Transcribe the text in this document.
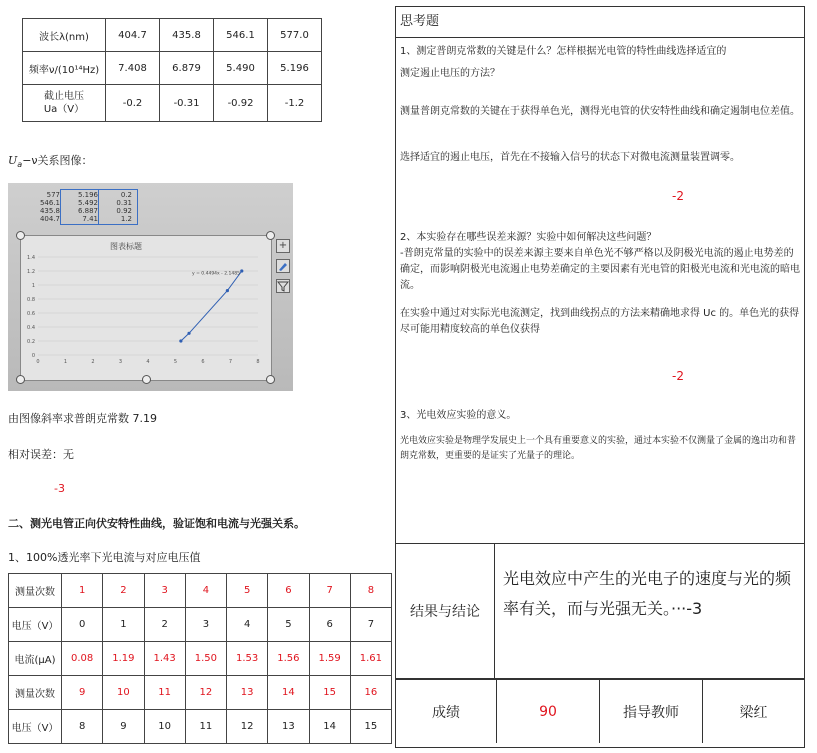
波长λ(nm)	404.7	435.8	546.1	577.0
频率ν/(10¹⁴Hz)	7.408	6.879	5.490	5.196
截止电压
Ua（V）	-0.2	-0.31	-0.92	-1.2
$U_a-\nu$关系图像：
577	5.196	0.2
546.1	5.492	0.31
435.8	6.887	0.92
404.7	7.41	1.2
图表标题
0
0.2
0.4
0.6
0.8
1
1.2
1.4
0	1	2	3	4	5	6	7	8
y = 0.4494x - 2.1485
+
由图像斜率求普朗克常数 7.19
相对误差：无
-3
二、测光电管正向伏安特性曲线，验证饱和电流与光强关系。
1、100%透光率下光电流与对应电压值
测量次数	1	2	3	4	5	6	7	8
电压（V）	0	1	2	3	4	5	6	7
电流(μA)	0.08	1.19	1.43	1.50	1.53	1.56	1.59	1.61
测量次数	9	10	11	12	13	14	15	16
电压（V）	8	9	10	11	12	13	14	15
思考题

1、测定普朗克常数的关键是什么？怎样根据光电管的特性曲线选择适宜的

测定遏止电压的方法？

测量普朗克常数的关键在于获得单色光，测得光电管的伏安特性曲线和确定遏制电位差值。

选择适宜的遏止电压，首先在不接输入信号的状态下对微电流测量装置调零。

-2

2、本实验存在哪些误差来源？实验中如何解决这些问题？

-普朗克常量的实验中的误差来源主要来自单色光不够严格以及阴极光电流的遏止电势差的确定，而影响阴极光电流遏止电势差确定的主要因素有光电管的阳极光电流和光电流的暗电流。

在实验中通过对实际光电流测定，找到曲线拐点的方法来精确地求得 Uc 的。单色光的获得尽可能用精度较高的单色仪获得

-2

3、光电效应实验的意义。

光电效应实验是物理学发展史上一个具有重要意义的实验，通过本实验不仅测量了金属的逸出功和普朗克常数，更重要的是证实了光量子的理论。

结果与结论
光电效应中产生的光电子的速度与光的频率有关，而与光强无关。···-3
成绩	90	指导教师	梁红
